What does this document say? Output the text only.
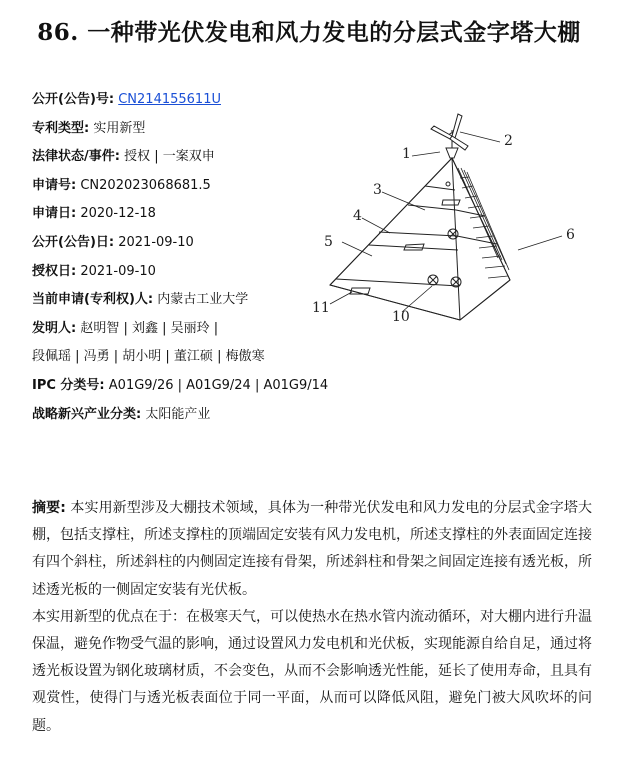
86. 一种带光伏发电和风力发电的分层式金字塔大棚
公开(公告)号: CN214155611U
专利类型: 实用新型
法律状态/事件: 授权 | 一案双申
申请号: CN202023068681.5
申请日: 2020-12-18
公开(公告)日: 2021-09-10
授权日: 2021-09-10
当前申请(专利权)人: 内蒙古工业大学
发明人: 赵明智 | 刘鑫 | 吴丽玲 |
段佩瑶 | 冯勇 | 胡小明 | 董江硕 | 梅傲寒
IPC 分类号: A01G9/26 | A01G9/24 | A01G9/14
战略新兴产业分类: 太阳能产业
1
2
3
4
5	6
10
11

摘要: 本实用新型涉及大棚技术领域，具体为一种带光伏发电和风力发电的分层式金字塔大棚，包括支撑柱，所述支撑柱的顶端固定安装有风力发电机，所述支撑柱的外表面固定连接有四个斜柱，所述斜柱的内侧固定连接有骨架，所述斜柱和骨架之间固定连接有透光板，所述透光板的一侧固定安装有光伏板。

本实用新型的优点在于：在极寒天气，可以使热水在热水管内流动循环，对大棚内进行升温保温，避免作物受气温的影响，通过设置风力发电机和光伏板，实现能源自给自足，通过将透光板设置为钢化玻璃材质，不会变色，从而不会影响透光性能，延长了使用寿命，且具有观赏性，使得门与透光板表面位于同一平面，从而可以降低风阻，避免门被大风吹坏的问题。
